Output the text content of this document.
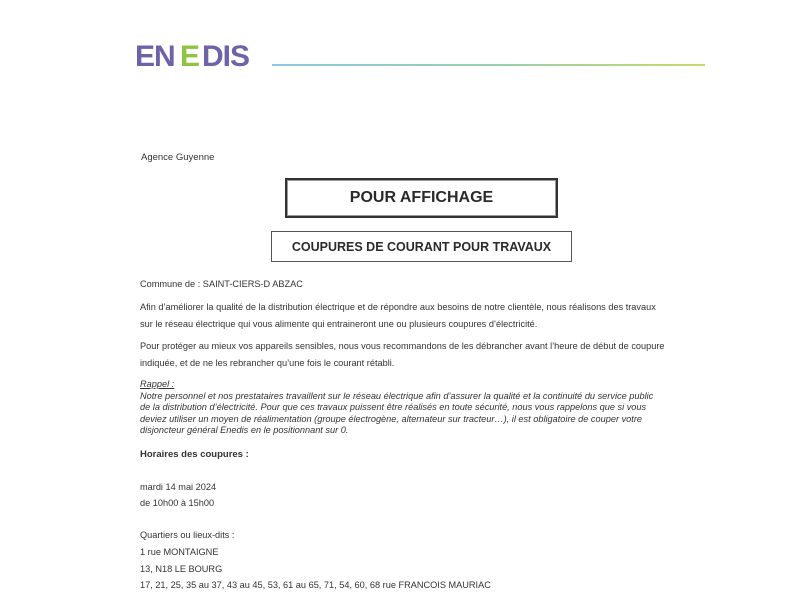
EN E DIS
Agence Guyenne
POUR AFFICHAGE
COUPURES DE COURANT POUR TRAVAUX
Commune de : SAINT-CIERS-D ABZAC
Afin d’améliorer la qualité de la distribution électrique et de répondre aux besoins de notre clientèle, nous réalisons des travaux
sur le réseau électrique qui vous alimente qui entraineront une ou plusieurs coupures d’électricité.
Pour protéger au mieux vos appareils sensibles, nous vous recommandons de les débrancher avant l’heure de début de coupure
indiquée, et de ne les rebrancher qu’une fois le courant rétabli.
Rappel :
Notre personnel et nos prestataires travaillent sur le réseau électrique afin d’assurer la qualité et la continuité du service public
de la distribution d’électricité. Pour que ces travaux puissent être réalisés en toute sécurité, nous vous rappelons que si vous
deviez utiliser un moyen de réalimentation (groupe électrogène, alternateur sur tracteur…), il est obligatoire de couper votre
disjoncteur général Enedis en le positionnant sur 0.
Horaires des coupures :
mardi 14 mai 2024
de 10h00 à 15h00
Quartiers ou lieux-dits :
1 rue MONTAIGNE
13, N18 LE BOURG
17, 21, 25, 35 au 37, 43 au 45, 53, 61 au 65, 71, 54, 60, 68 rue FRANCOIS MAURIAC
